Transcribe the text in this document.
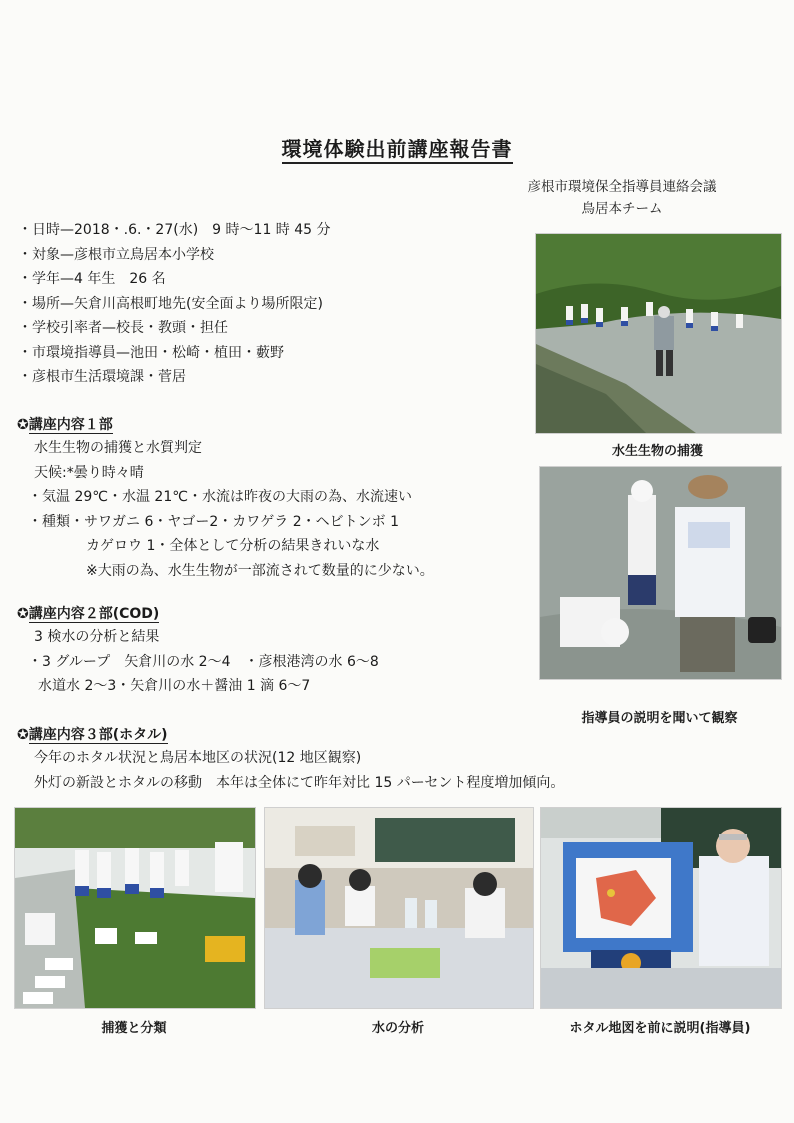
環境体験出前講座報告書
彦根市環境保全指導員連絡会議
鳥居本チーム
・日時—2018・.6.・27(水)　9 時〜11 時 45 分
・対象—彦根市立鳥居本小学校
・学年—4 年生　26 名
・場所—矢倉川高根町地先(安全面より場所限定)
・学校引率者—校長・教頭・担任
・市環境指導員—池田・松崎・植田・藪野
・彦根市生活環境課・菅居
✪講座内容１部
水生生物の捕獲と水質判定
天候:*曇り時々晴
・気温 29℃・水温 21℃・水流は昨夜の大雨の為、水流速い
・種類・サワガニ 6・ヤゴー2・カワゲラ 2・ヘビトンボ 1
カゲロウ 1・全体として分析の結果きれいな水
※大雨の為、水生生物が一部流されて数量的に少ない。
✪講座内容２部(COD)
3 検水の分析と結果
・3 グループ　矢倉川の水 2〜4　・彦根港湾の水 6〜8
水道水 2〜3・矢倉川の水＋醤油 1 滴 6〜7
✪講座内容３部(ホタル)
今年のホタル状況と鳥居本地区の状況(12 地区観察)
外灯の新設とホタルの移動　本年は全体にて昨年対比 15 パーセント程度増加傾向。
水生生物の捕獲
指導員の説明を聞いて観察
捕獲と分類	水の分析	ホタル地図を前に説明(指導員)
